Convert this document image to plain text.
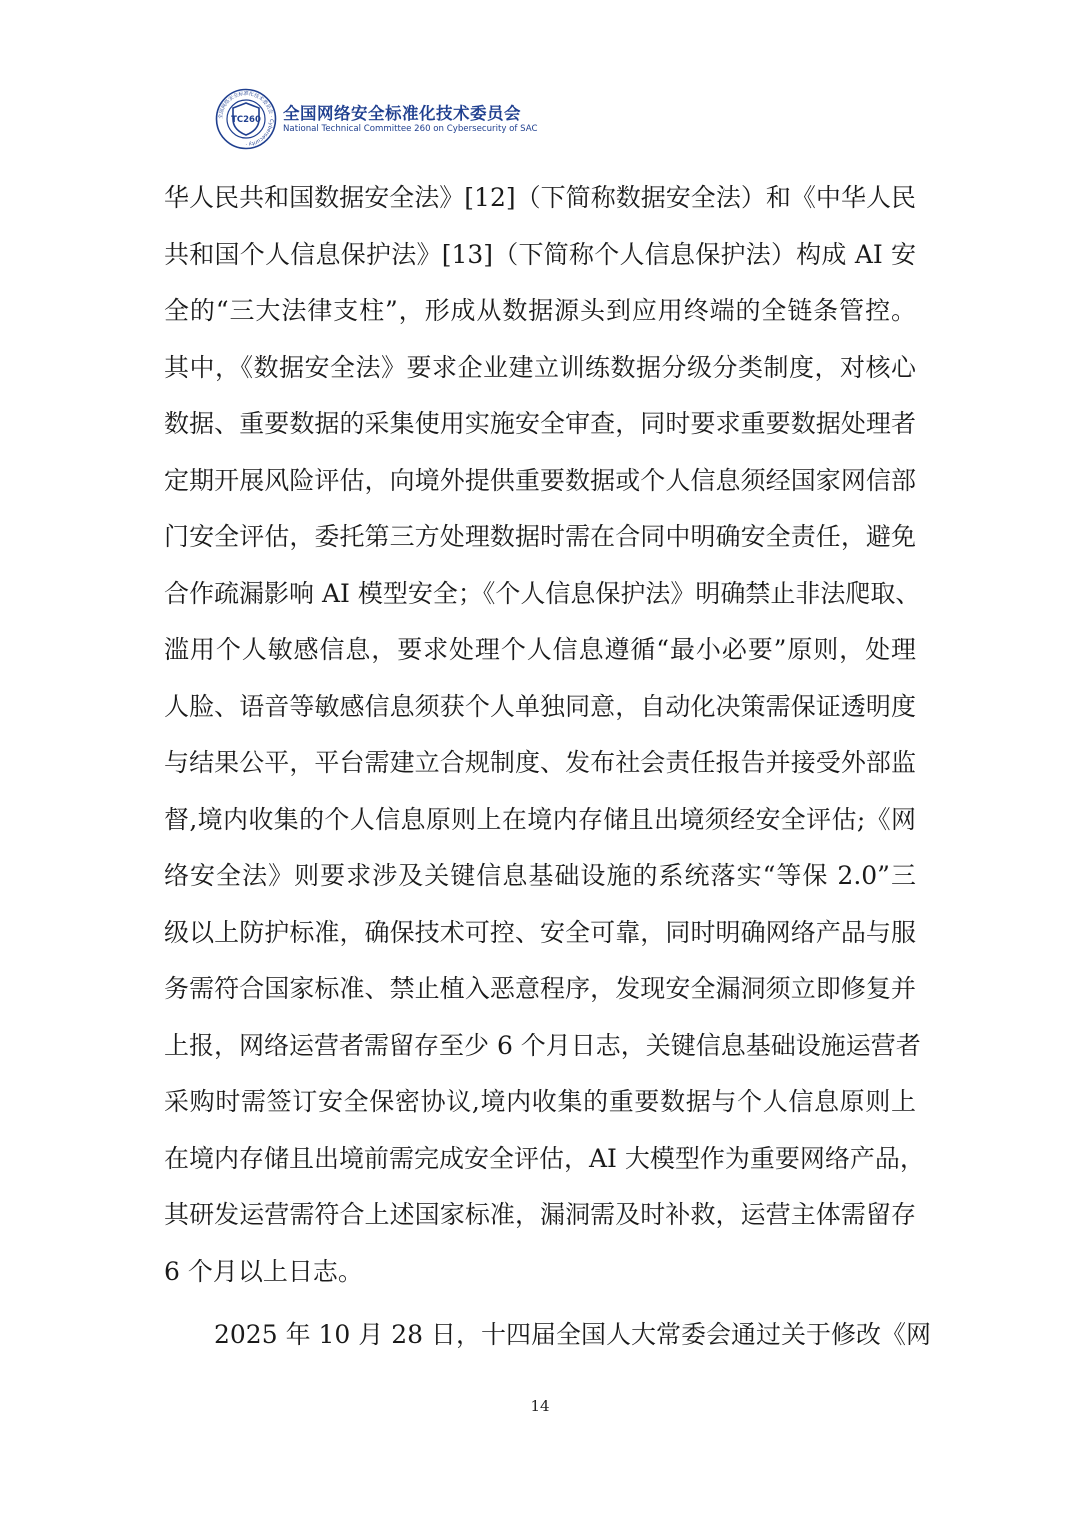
全国网络安全标准化技术委员会 · Cybersecurity ·
TC260 全国网络安全标准化技术委员会
National Technical Committee 260 on Cybersecurity of SAC
华人民共和国数据安全法》[12]（下简称数据安全法）和《中华人民
共和国个人信息保护法》[13]（下简称个人信息保护法）构成 AI 安
全的“三大法律支柱”，形成从数据源头到应用终端的全链条管控。
其中，《数据安全法》要求企业建立训练数据分级分类制度，对核心
数据、重要数据的采集使用实施安全审查，同时要求重要数据处理者
定期开展风险评估，向境外提供重要数据或个人信息须经国家网信部
门安全评估，委托第三方处理数据时需在合同中明确安全责任，避免
合作疏漏影响 AI 模型安全；《个人信息保护法》明确禁止非法爬取、
滥用个人敏感信息，要求处理个人信息遵循“最小必要”原则，处理
人脸、语音等敏感信息须获个人单独同意，自动化决策需保证透明度
与结果公平，平台需建立合规制度、发布社会责任报告并接受外部监
督,境内收集的个人信息原则上在境内存储且出境须经安全评估;《网
络安全法》则要求涉及关键信息基础设施的系统落实“等保 2.0”三
级以上防护标准，确保技术可控、安全可靠，同时明确网络产品与服
务需符合国家标准、禁止植入恶意程序，发现安全漏洞须立即修复并
上报，网络运营者需留存至少 6 个月日志，关键信息基础设施运营者
采购时需签订安全保密协议,境内收集的重要数据与个人信息原则上
在境内存储且出境前需完成安全评估，AI 大模型作为重要网络产品，
其研发运营需符合上述国家标准，漏洞需及时补救，运营主体需留存
6 个月以上日志。
2025 年 10 月 28 日，十四届全国人大常委会通过关于修改《网
14
